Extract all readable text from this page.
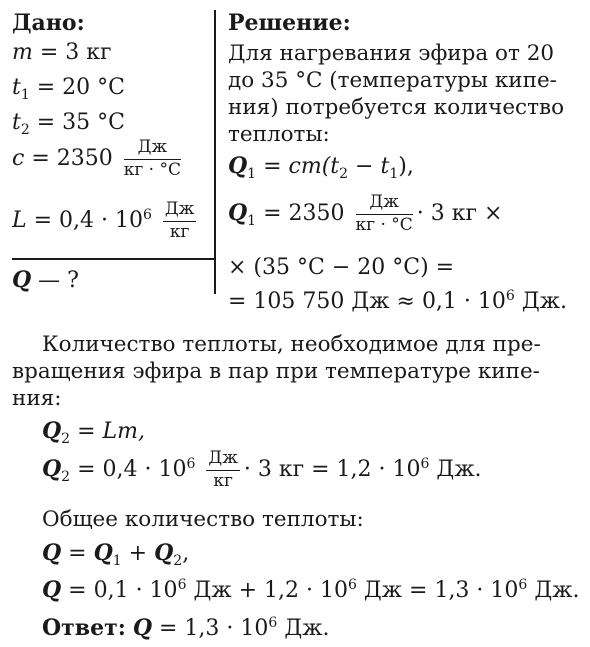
Дано:
m = 3 кг
$t_1 = 20$ °C
$t_2 = 35$ °C
$c = 2350 \frac{Дж}{кг \cdot ^\circ C}$
$L = 0,4 \cdot 10^6 \frac{Дж}{кг}$
Q — ?
Решение:
Для нагревания эфира от 20
до 35 °C (температуры кипе-
ния) потребуется количество
теплоты:
$Q_1 = cm(t_2 - t_1)$,
$Q_1 = 2350 \frac{Дж}{кг \cdot ^\circ C} \cdot 3$ кг ×
× (35 °C − 20 °C) =
= 105 750 Дж ≈ $0,1 \cdot 10^6$ Дж.
Количество теплоты, необходимое для пре-
вращения эфира в пар при температуре кипе-
ния:
$Q_2 = Lm$,
$Q_2 = 0,4 \cdot 10^6 \frac{Дж}{кг} \cdot 3$ кг = $1,2 \cdot 10^6$ Дж.
Общее количество теплоты:
$Q = Q_1 + Q_2$,
$Q = 0,1 \cdot 10^6$ Дж + $1,2 \cdot 10^6$ Дж = $1,3 \cdot 10^6$ Дж.
Ответ: $Q = 1,3 \cdot 10^6$ Дж.
